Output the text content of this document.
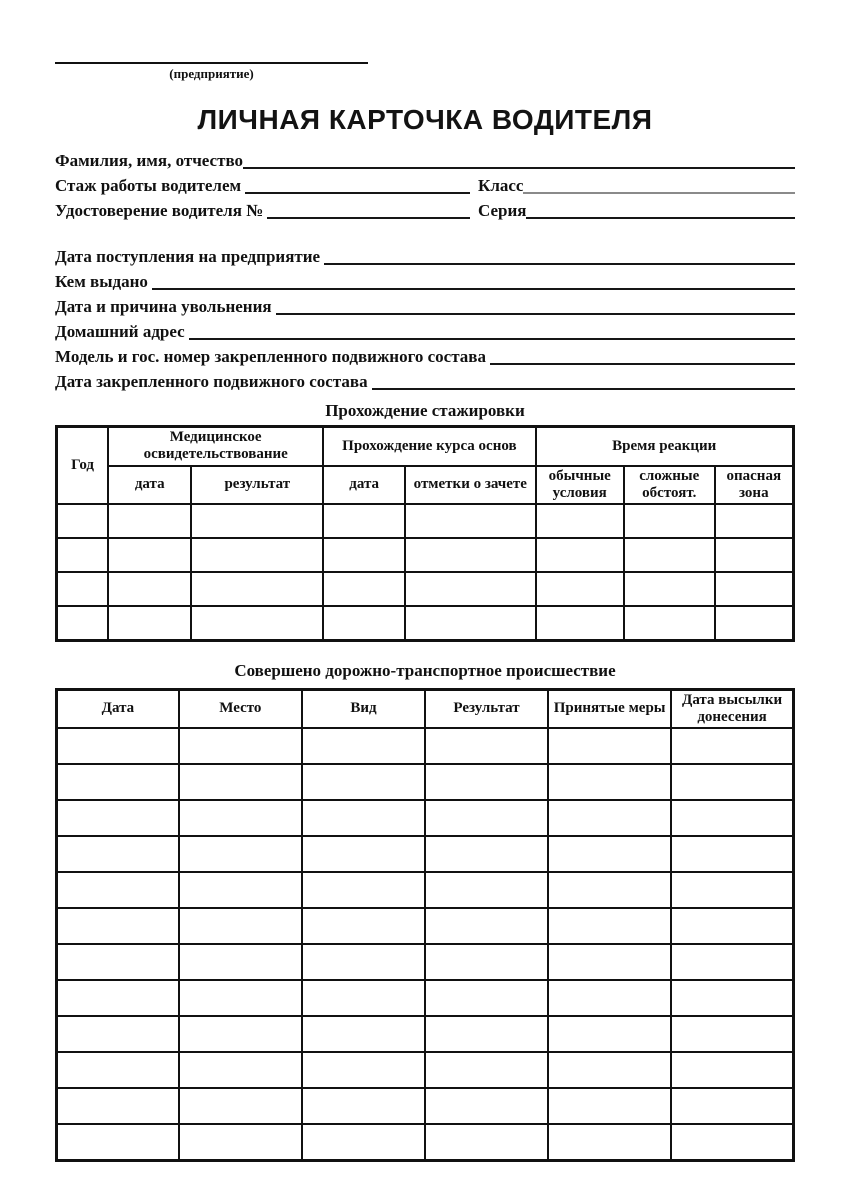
(предприятие)
ЛИЧНАЯ КАРТОЧКА ВОДИТЕЛЯ
Фамилия, имя, отчество
Стаж работы водителем	Класс
Удостоверение водителя №	Серия
Дата поступления на предприятие
Кем выдано
Дата и причина увольнения
Домашний адрес
Модель и гос. номер закрепленного подвижного состава
Дата закрепленного подвижного состава
Прохождение стажировки
Год	Медицинское освидетельствование		Прохождение курса основ		Время реакции		
	дата	результат	дата	отметки о зачете	обычные условия	сложные обстоят.	опасная зона

Совершено дорожно-транспортное происшествие
Дата	Место	Вид	Результат	Принятые меры	Дата высылки донесения
